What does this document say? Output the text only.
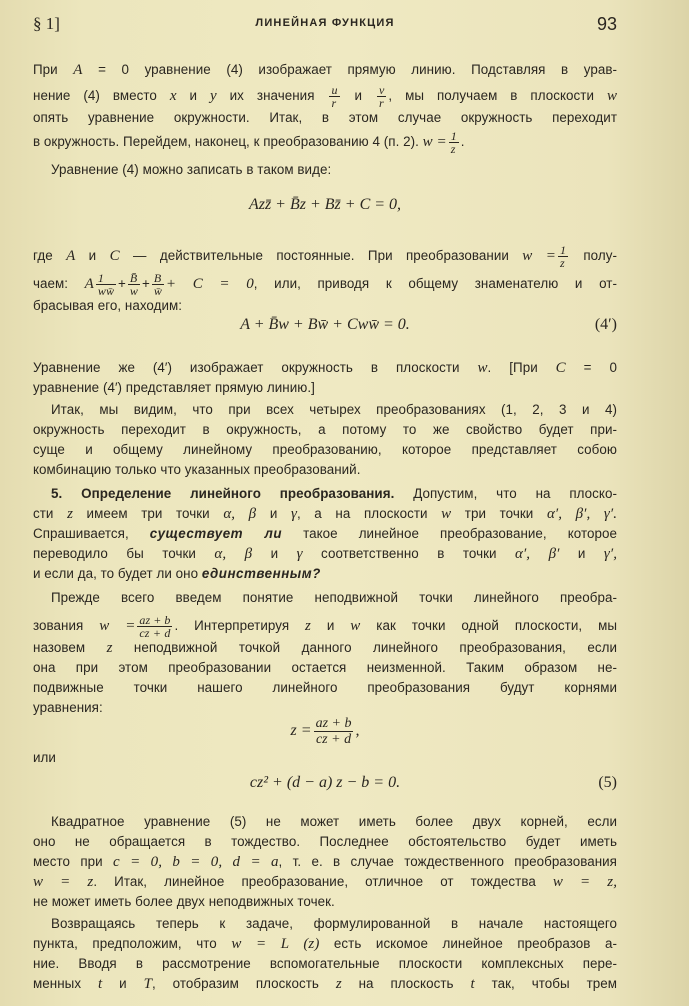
§ 1]	ЛИНЕЙНАЯ ФУНКЦИЯ	93
При A = 0 уравнение (4) изображает прямую линию. Подставляя в урав-
нение (4) вместо x и y их значения $\frac{u}{r}$ и $\frac{v}{r}$ , мы получаем в плоскости w
опять уравнение окружности. Итак, в этом случае окружность переходит
в окружность. Перейдем, наконец, к преобразованию 4 (п. 2). $w = \frac{1}{z}$ .
Уравнение (4) можно записать в таком виде:
Azz̄ + B̄z + Bz̄ + C = 0,
где A и C — действительные постоянные. При преобразовании $w = \frac{1}{z}$ полу-
чаем: A $\frac{1}{ww̄} + \frac{B̄}{w} + \frac{B}{w̄} + C = 0$, или, приводя к общему знаменателю и от-
брасывая его, находим:
A + B̄w + Bw̄ + Cww̄ = 0.	(4′)
Уравнение же (4′) изображает окружность в плоскости w. [При C = 0
уравнение (4′) представляет прямую линию.]
Итак, мы видим, что при всех четырех преобразованиях (1, 2, 3 и 4)
окружность переходит в окружность, а потому то же свойство будет при-
суще и общему линейному преобразованию, которое представляет собою
комбинацию только что указанных преобразований.
5. Определение линейного преобразования. Допустим, что на плоско-
сти z имеем три точки α, β и γ, а на плоскости w три точки α′, β′, γ′.
Спрашивается, существует ли такое линейное преобразование, которое
переводило бы точки α, β и γ соответственно в точки α′, β′ и γ′,
и если да, то будет ли оно единственным?
Прежде всего введем понятие неподвижной точки линейного преобра-
зования $w = \frac{az + b}{cz + d}$ . Интерпретируя z и w как точки одной плоскости, мы
назовем z неподвижной точкой данного линейного преобразования, если
она при этом преобразовании остается неизменной. Таким образом не-
подвижные точки нашего линейного преобразования будут корнями
уравнения:
$z = \frac{az + b}{cz + d}$ ,
или
cz² + (d − a) z − b = 0.	(5)
Квадратное уравнение (5) не может иметь более двух корней, если
оно не обращается в тождество. Последнее обстоятельство будет иметь
место при c = 0, b = 0, d = a, т. е. в случае тождественного преобразования
w = z. Итак, линейное преобразование, отличное от тождества w = z,
не может иметь более двух неподвижных точек.
Возвращаясь теперь к задаче, формулированной в начале настоящего
пункта, предположим, что w = L (z) есть искомое линейное преобразов а-
ние. Вводя в рассмотрение вспомогательные плоскости комплексных пере-
менных t и T, отобразим плоскость z на плоскость t так, чтобы трем
